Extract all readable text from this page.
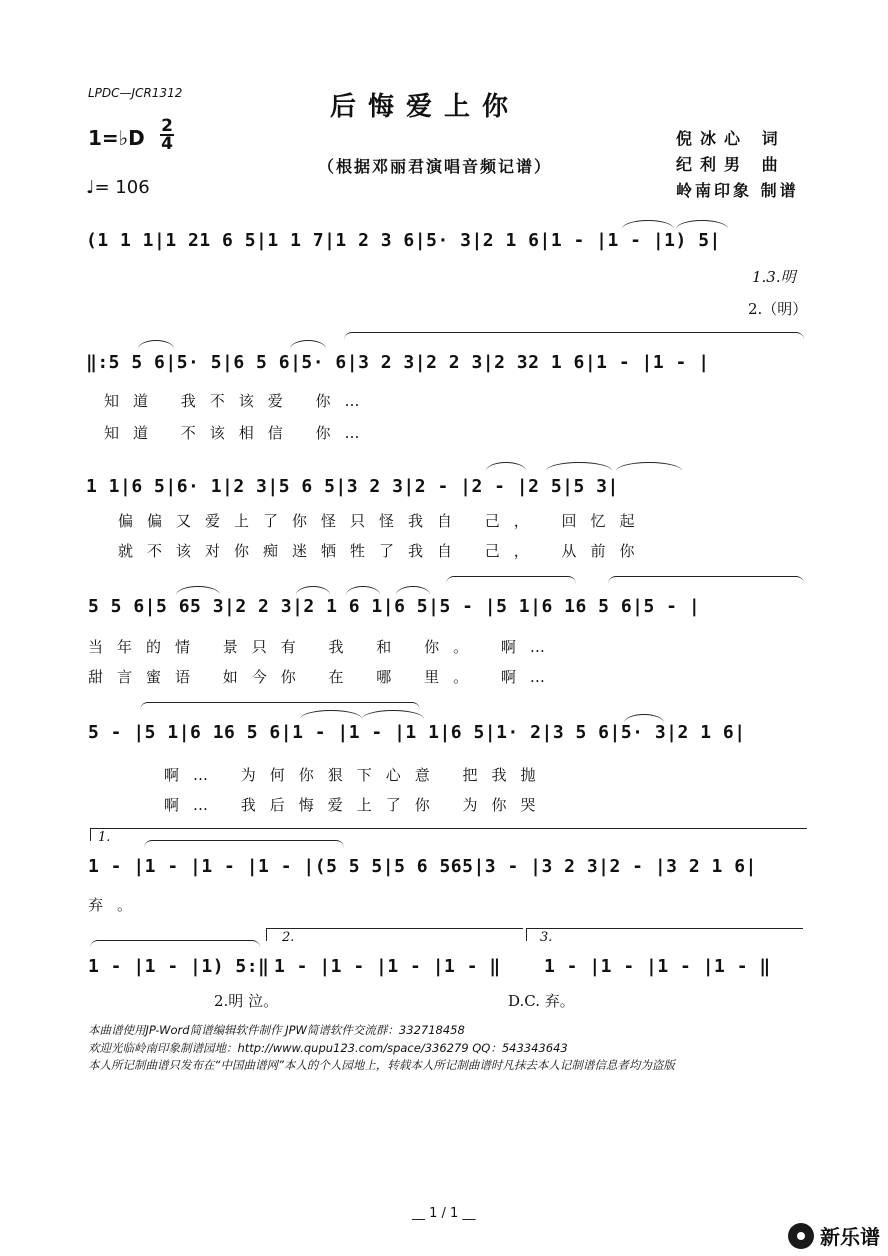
LPDC—JCR1312	后悔爱上你
1=♭D 2
4
（根据邓丽君演唱音频记谱）
♩= 106
倪冰心 词
纪利男 曲
岭南印象 制谱
(1 1 1|1 21 6 5|1 1 7|1 2 3 6|5· 3|2 1 6|1 - |1 - |1) 5|
1.3.明
2.（明）
‖:5 5 6|5· 5|6 5 6|5· 6|3 2 3|2 2 3|2 32 1 6|1 - |1 - |
知道 我不该爱 你…
知道 不该相信 你…
1 1|6 5|6· 1|2 3|5 6 5|3 2 3|2 - |2 - |2 5|5 3|
偏偏又爱上了你怪只怪我自 己， 回忆起
就不该对你痴迷牺牲了我自 己， 从前你
5 5 6|5 65 3|2 2 3|2 1 6 1|6 5|5 - |5 1|6 16 5 6|5 - |
当年的情 景只有 我 和 你。 啊…
甜言蜜语 如今你 在 哪 里。 啊…
5 - |5 1|6 16 5 6|1 - |1 - |1 1|6 5|1· 2|3 5 6|5· 3|2 1 6|
啊… 为何你狠下心意 把我抛
啊… 我后悔爱上了你 为你哭
1.
1 - |1 - |1 - |1 - |(5 5 5|5 6 565|3 - |3 2 3|2 - |3 2 1 6|
弃。
2.	3.
1 - |1 - |1) 5:‖ 1 - |1 - |1 - |1 - ‖ 1 - |1 - |1 - |1 - ‖
2.明 泣。	D.C. 弃。
本曲谱使用JP-Word简谱编辑软件制作 JPW简谱软件交流群：332718458
欢迎光临岭南印象制谱园地：http://www.qupu123.com/space/336279 QQ：543343643
本人所记制曲谱只发布在“中国曲谱网”本人的个人园地上，转载本人所记制曲谱时凡抹去本人记制谱信息者均为盗版
__ 1 / 1 __
新乐谱
